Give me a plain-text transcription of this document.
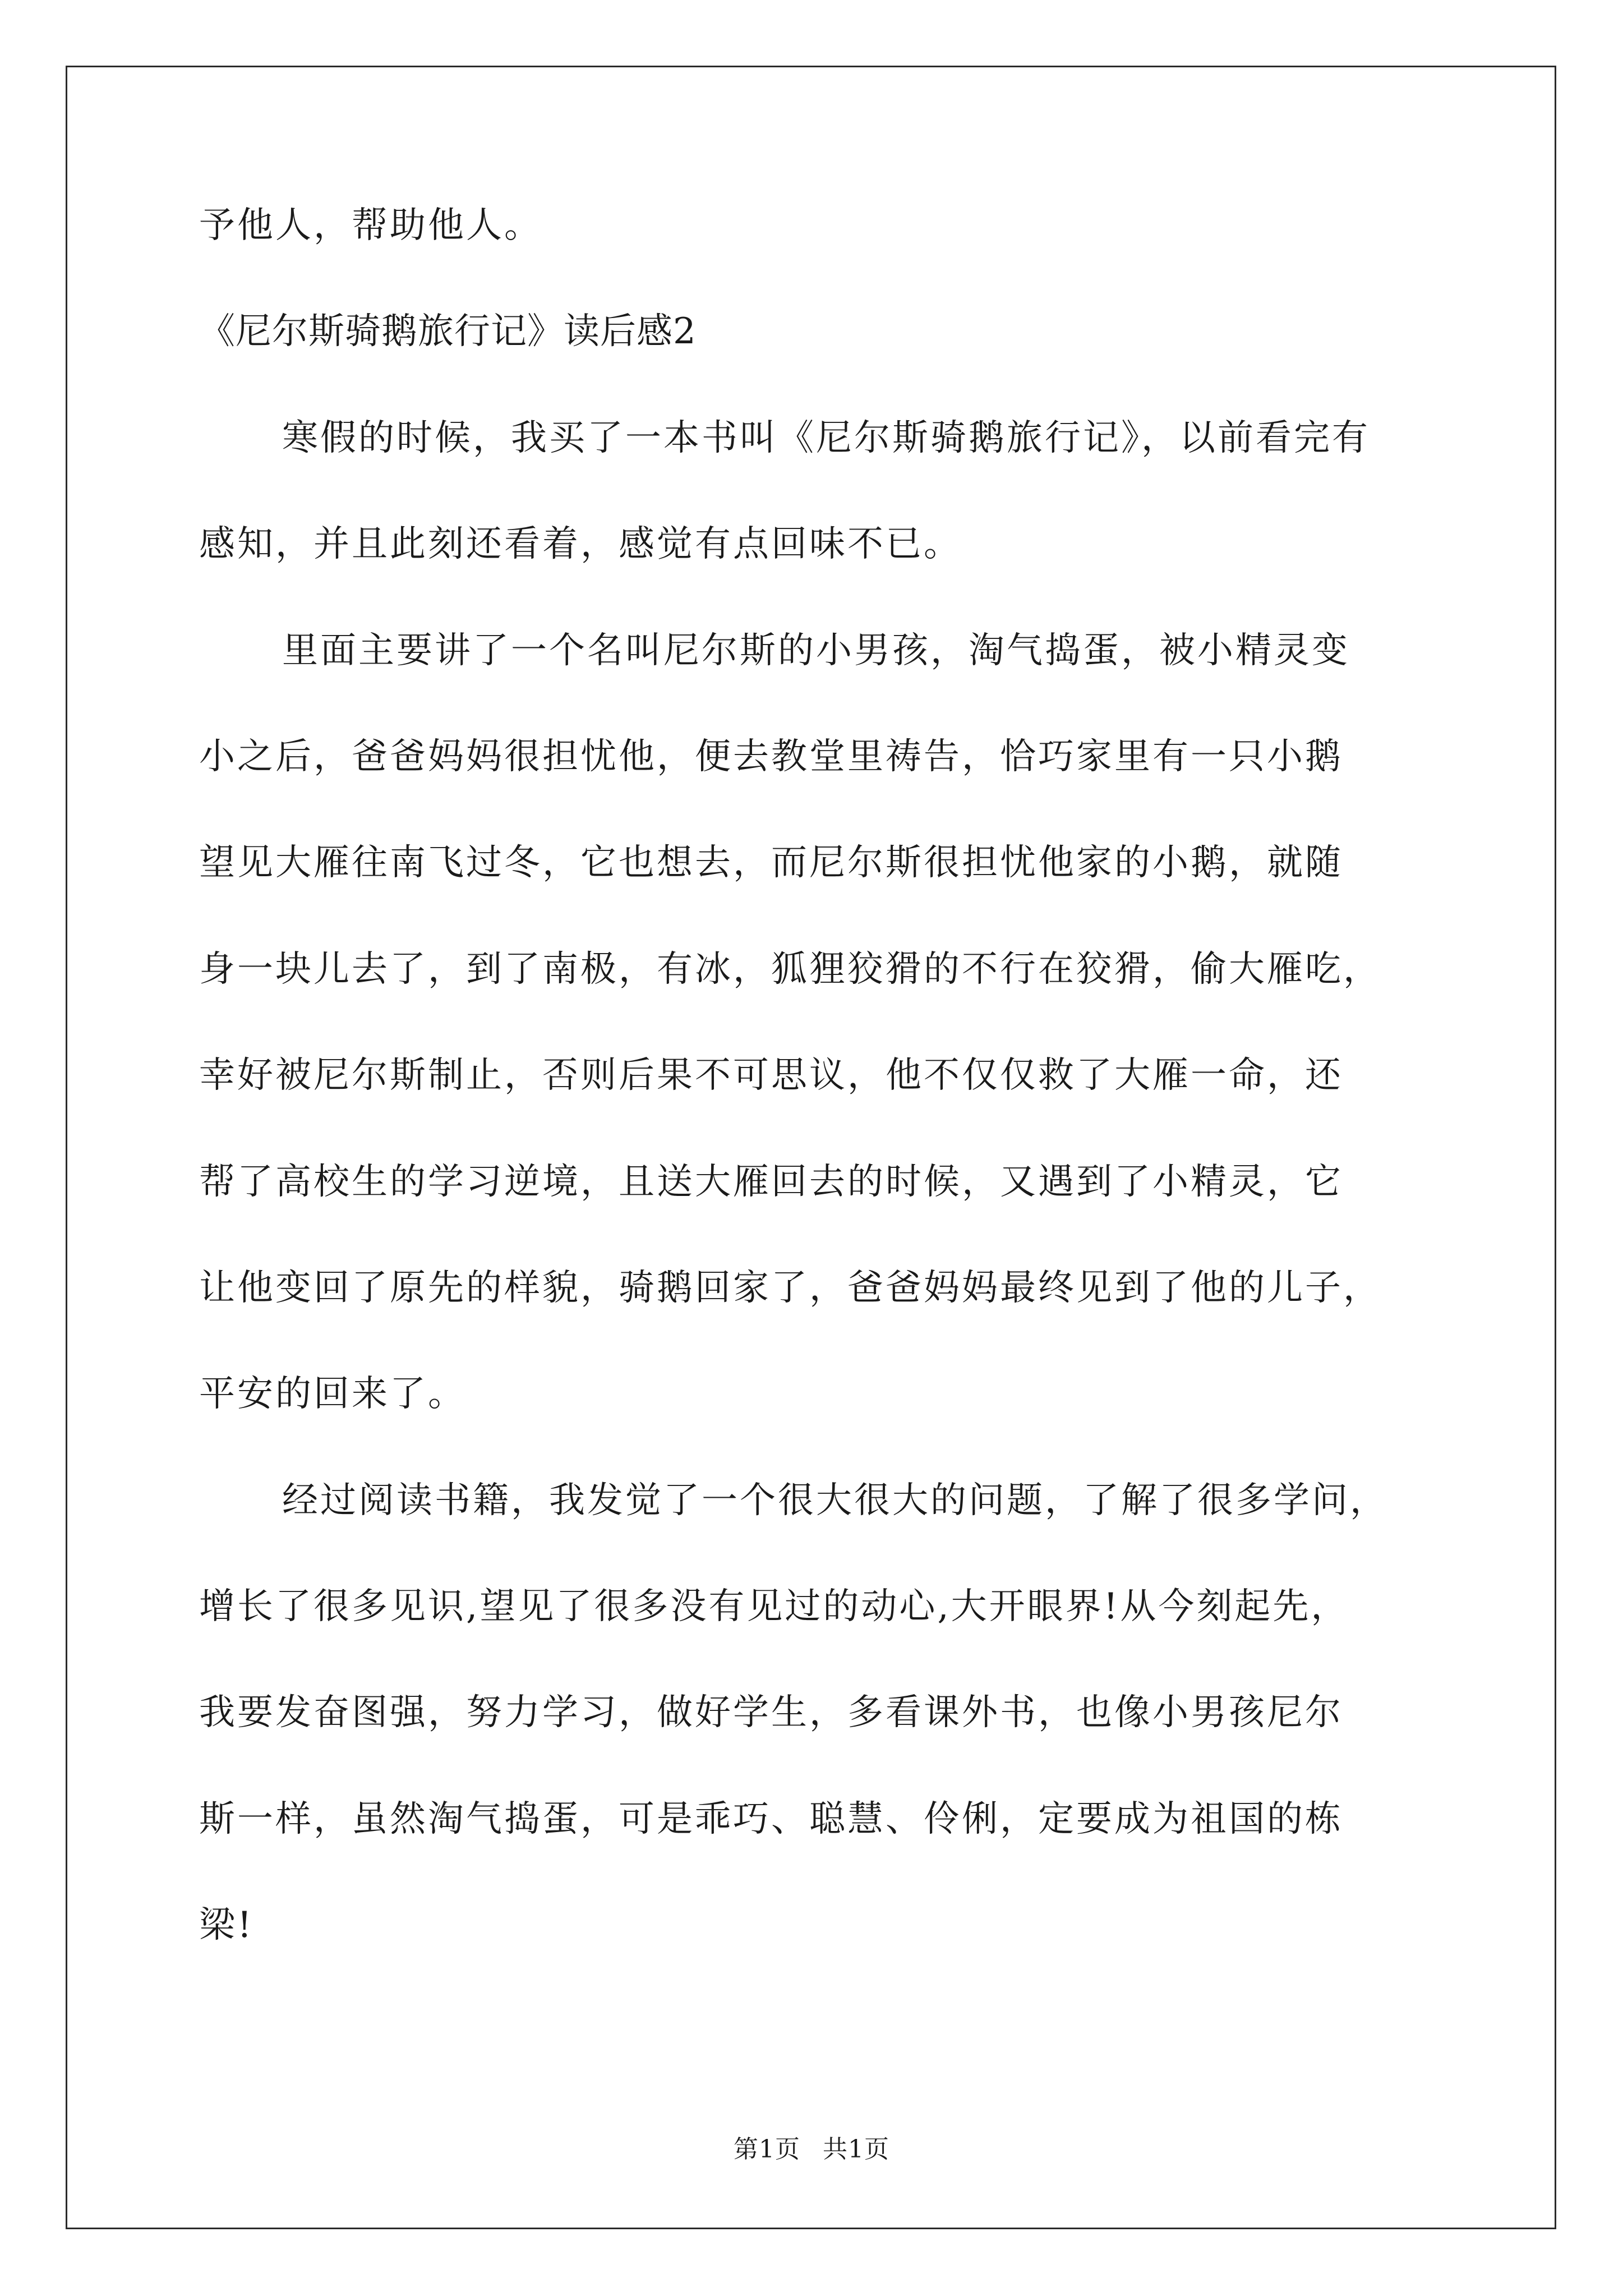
予他人，帮助他人。
《尼尔斯骑鹅旅行记》读后感2
寒假的时候，我买了一本书叫《尼尔斯骑鹅旅行记》，以前看完有
感知，并且此刻还看着，感觉有点回味不已。
里面主要讲了一个名叫尼尔斯的小男孩，淘气捣蛋，被小精灵变
小之后，爸爸妈妈很担忧他，便去教堂里祷告，恰巧家里有一只小鹅
望见大雁往南飞过冬，它也想去，而尼尔斯很担忧他家的小鹅，就随
身一块儿去了，到了南极，有冰，狐狸狡猾的不行在狡猾，偷大雁吃，
幸好被尼尔斯制止，否则后果不可思议，他不仅仅救了大雁一命，还
帮了高校生的学习逆境，且送大雁回去的时候，又遇到了小精灵，它
让他变回了原先的样貌，骑鹅回家了，爸爸妈妈最终见到了他的儿子，
平安的回来了。
经过阅读书籍，我发觉了一个很大很大的问题，了解了很多学问，
增长了很多见识,望见了很多没有见过的动心,大开眼界!从今刻起先，
我要发奋图强，努力学习，做好学生，多看课外书，也像小男孩尼尔
斯一样，虽然淘气捣蛋，可是乖巧、聪慧、伶俐，定要成为祖国的栋
梁!
第1页 共1页
